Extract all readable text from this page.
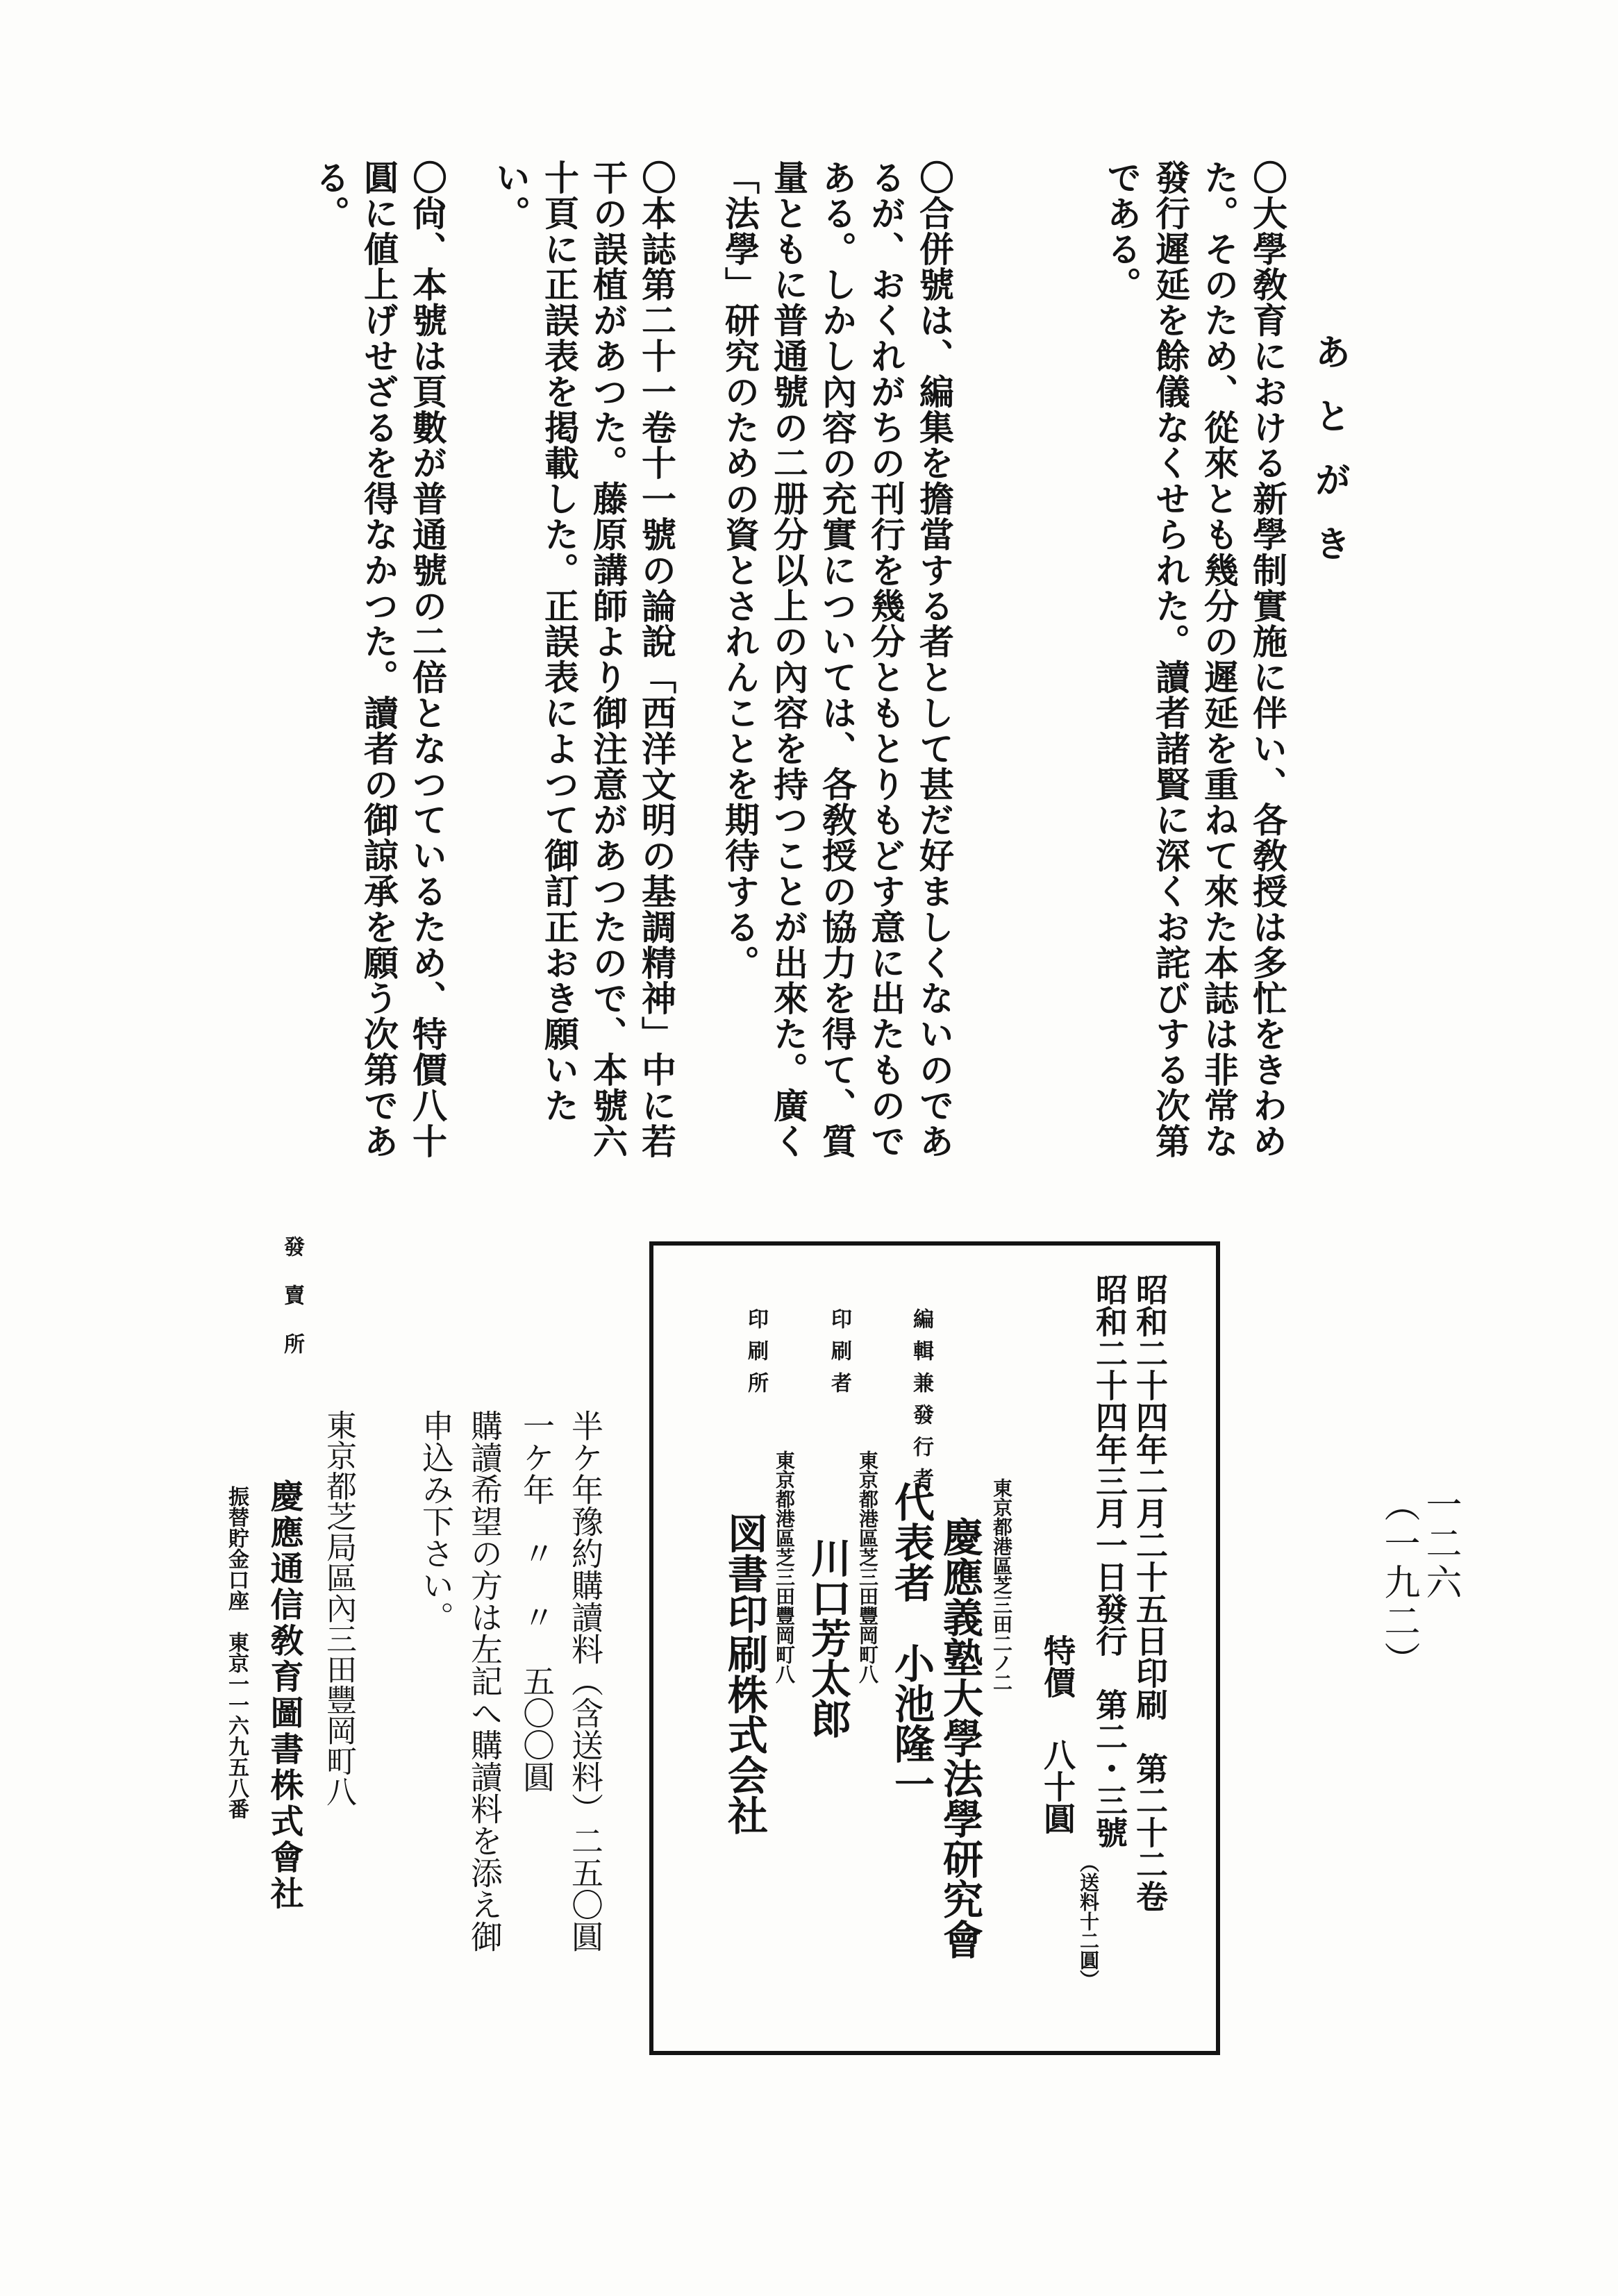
あとがき
〇大學敎育における新學制實施に伴い、各敎授は多忙をきわめ
た。そのため、從來とも幾分の遲延を重ねて來た本誌は非常な
發行遲延を餘儀なくせられた。讀者諸賢に深くお詫びする次第
である。
〇合併號は、編集を擔當する者として甚だ好ましくないのであ
るが、おくれがちの刊行を幾分ともとりもどす意に出たもので
ある。しかし內容の充實については、各敎授の協力を得て、質
量ともに普通號の二册分以上の內容を持つことが出來た。廣く
「法學」研究のための資とされんことを期待する。
〇本誌第二十一卷十一號の論說「西洋文明の基調精神」中に若
干の誤植があつた。藤原講師より御注意があつたので、本號六
十頁に正誤表を掲載した。正誤表によつて御訂正おき願いた
い。
〇尙、本號は頁數が普通號の二倍となつているため、特價八十
圓に値上げせざるを得なかつた。讀者の御諒承を願う次第であ
る。
一二六
（一九二）
昭和二十四年二月二十五日印刷　第二十二卷
昭和二十四年三月一日發行　第二・三號
特價
八十圓
（送料十二圓）
東京都港區芝三田二ノ二
慶應義塾大學法學研究會
編輯兼發行者
代表者　小池隆一
東京都港區芝三田豐岡町八
印刷者
川口芳太郎
東京都港區芝三田豐岡町八
印刷所
図書印刷株式会社
半ケ年豫約購讀料（含送料）二五〇圓
一ケ年　〃　〃　五〇〇圓
購讀希望の方は左記へ購讀料を添え御
申込み下さい。
發賣所
東京都芝局區內三田豐岡町八
慶應通信敎育圖書株式會社
振替貯金口座　東京一一六九五八番
